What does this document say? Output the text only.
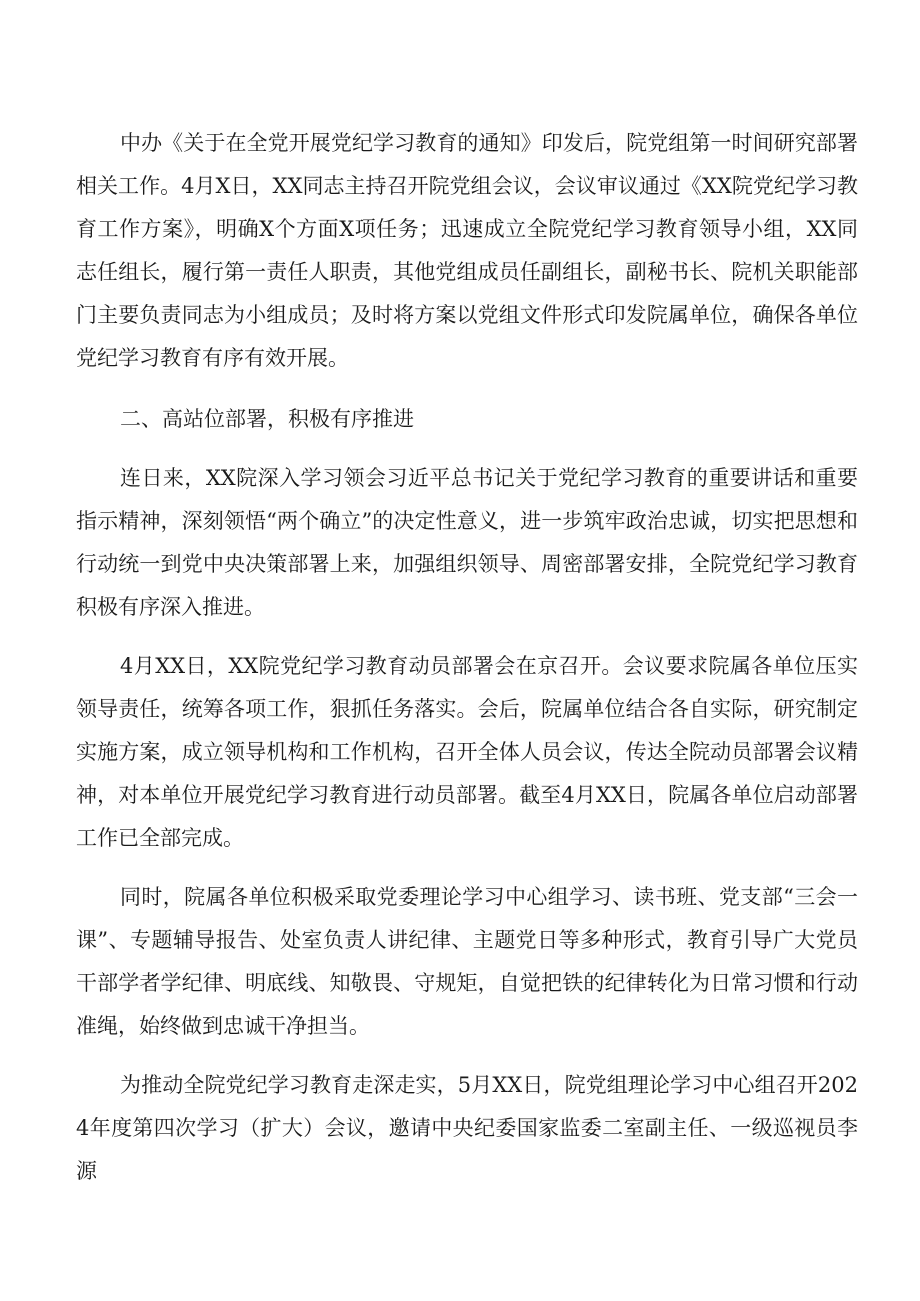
中办《关于在全党开展党纪学习教育的通知》印发后，院党组第一时间研究部署相关工作。4月X日，XX同志主持召开院党组会议，会议审议通过《XX院党纪学习教育工作方案》，明确X个方面X项任务；迅速成立全院党纪学习教育领导小组，XX同志任组长，履行第一责任人职责，其他党组成员任副组长，副秘书长、院机关职能部门主要负责同志为小组成员；及时将方案以党组文件形式印发院属单位，确保各单位党纪学习教育有序有效开展。

二、高站位部署，积极有序推进

连日来，XX院深入学习领会习近平总书记关于党纪学习教育的重要讲话和重要指示精神，深刻领悟“两个确立”的决定性意义，进一步筑牢政治忠诚，切实把思想和行动统一到党中央决策部署上来，加强组织领导、周密部署安排，全院党纪学习教育积极有序深入推进。

4月XX日，XX院党纪学习教育动员部署会在京召开。会议要求院属各单位压实领导责任，统筹各项工作，狠抓任务落实。会后，院属单位结合各自实际，研究制定实施方案，成立领导机构和工作机构，召开全体人员会议，传达全院动员部署会议精神，对本单位开展党纪学习教育进行动员部署。截至4月XX日，院属各单位启动部署工作已全部完成。

同时，院属各单位积极采取党委理论学习中心组学习、读书班、党支部“三会一课”、专题辅导报告、处室负责人讲纪律、主题党日等多种形式，教育引导广大党员干部学者学纪律、明底线、知敬畏、守规矩，自觉把铁的纪律转化为日常习惯和行动准绳，始终做到忠诚干净担当。

为推动全院党纪学习教育走深走实，5月XX日，院党组理论学习中心组召开2024年度第四次学习（扩大）会议，邀请中央纪委国家监委二室副主任、一级巡视员李源
